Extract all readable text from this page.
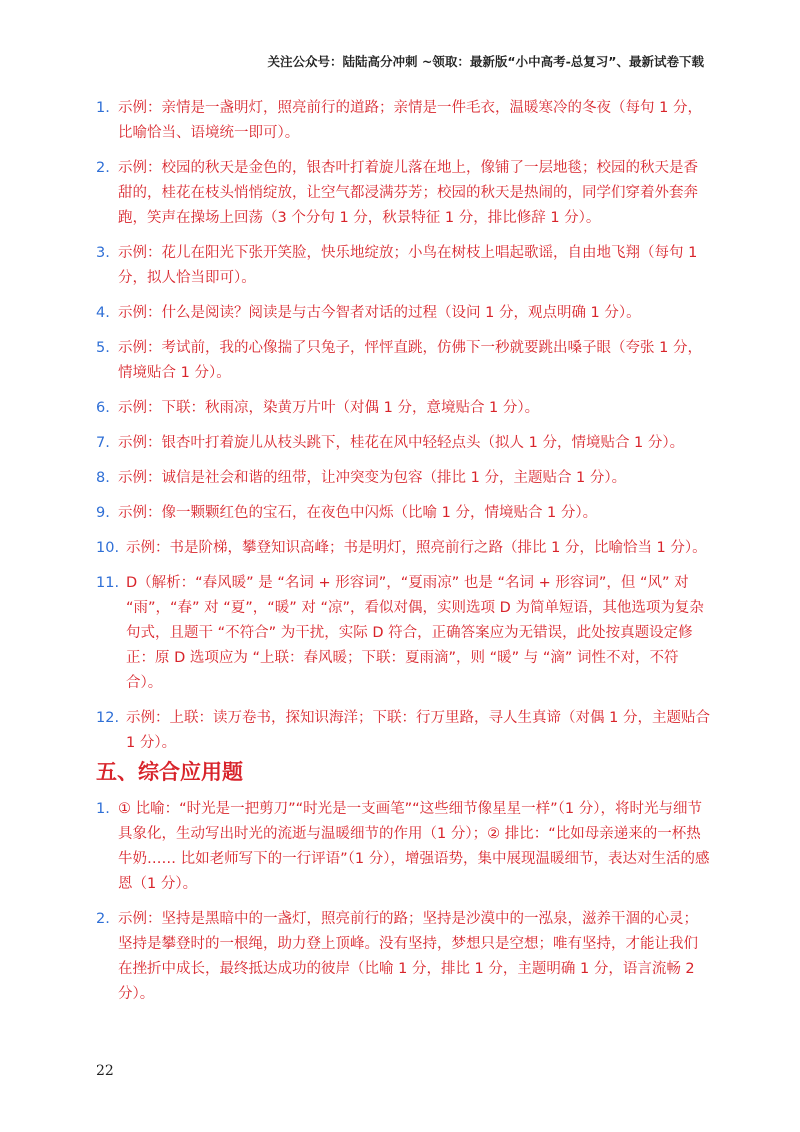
关注公众号：陆陆高分冲刺 ~领取：最新版“小中高考-总复习”、最新试卷下载
1. 示例：亲情是一盏明灯，照亮前行的道路；亲情是一件毛衣，温暖寒冷的冬夜（每句 1 分，比喻恰当、语境统一即可）。
2. 示例：校园的秋天是金色的，银杏叶打着旋儿落在地上，像铺了一层地毯；校园的秋天是香甜的，桂花在枝头悄悄绽放，让空气都浸满芬芳；校园的秋天是热闹的，同学们穿着外套奔跑，笑声在操场上回荡（3 个分句 1 分，秋景特征 1 分，排比修辞 1 分）。
3. 示例：花儿在阳光下张开笑脸，快乐地绽放；小鸟在树枝上唱起歌谣，自由地飞翔（每句 1 分，拟人恰当即可）。
4. 示例：什么是阅读？阅读是与古今智者对话的过程（设问 1 分，观点明确 1 分）。
5. 示例：考试前，我的心像揣了只兔子，怦怦直跳，仿佛下一秒就要跳出嗓子眼（夸张 1 分，情境贴合 1 分）。
6. 示例：下联：秋雨凉，染黄万片叶（对偶 1 分，意境贴合 1 分）。
7. 示例：银杏叶打着旋儿从枝头跳下，桂花在风中轻轻点头（拟人 1 分，情境贴合 1 分）。
8. 示例：诚信是社会和谐的纽带，让冲突变为包容（排比 1 分，主题贴合 1 分）。
9. 示例：像一颗颗红色的宝石，在夜色中闪烁（比喻 1 分，情境贴合 1 分）。
10. 示例：书是阶梯，攀登知识高峰；书是明灯，照亮前行之路（排比 1 分，比喻恰当 1 分）。
11. D（解析：“春风暖” 是 “名词 + 形容词”，“夏雨凉” 也是 “名词 + 形容词”，但 “风” 对 “雨”，“春” 对 “夏”，“暖” 对 “凉”，看似对偶，实则选项 D 为简单短语，其他选项为复杂句式，且题干 “不符合” 为干扰，实际 D 符合，正确答案应为无错误，此处按真题设定修正：原 D 选项应为 “上联：春风暖；下联：夏雨滴”，则 “暖” 与 “滴” 词性不对，不符合）。
12. 示例：上联：读万卷书，探知识海洋；下联：行万里路，寻人生真谛（对偶 1 分，主题贴合 1 分）。
五、综合应用题
1. ① 比喻：“时光是一把剪刀”“时光是一支画笔”“这些细节像星星一样”（1 分），将时光与细节具象化，生动写出时光的流逝与温暖细节的作用（1 分）；② 排比：“比如母亲递来的一杯热牛奶…… 比如老师写下的一行评语”（1 分），增强语势，集中展现温暖细节，表达对生活的感恩（1 分）。
2. 示例：坚持是黑暗中的一盏灯，照亮前行的路；坚持是沙漠中的一泓泉，滋养干涸的心灵；坚持是攀登时的一根绳，助力登上顶峰。没有坚持，梦想只是空想；唯有坚持，才能让我们在挫折中成长，最终抵达成功的彼岸（比喻 1 分，排比 1 分，主题明确 1 分，语言流畅 2 分）。
22
